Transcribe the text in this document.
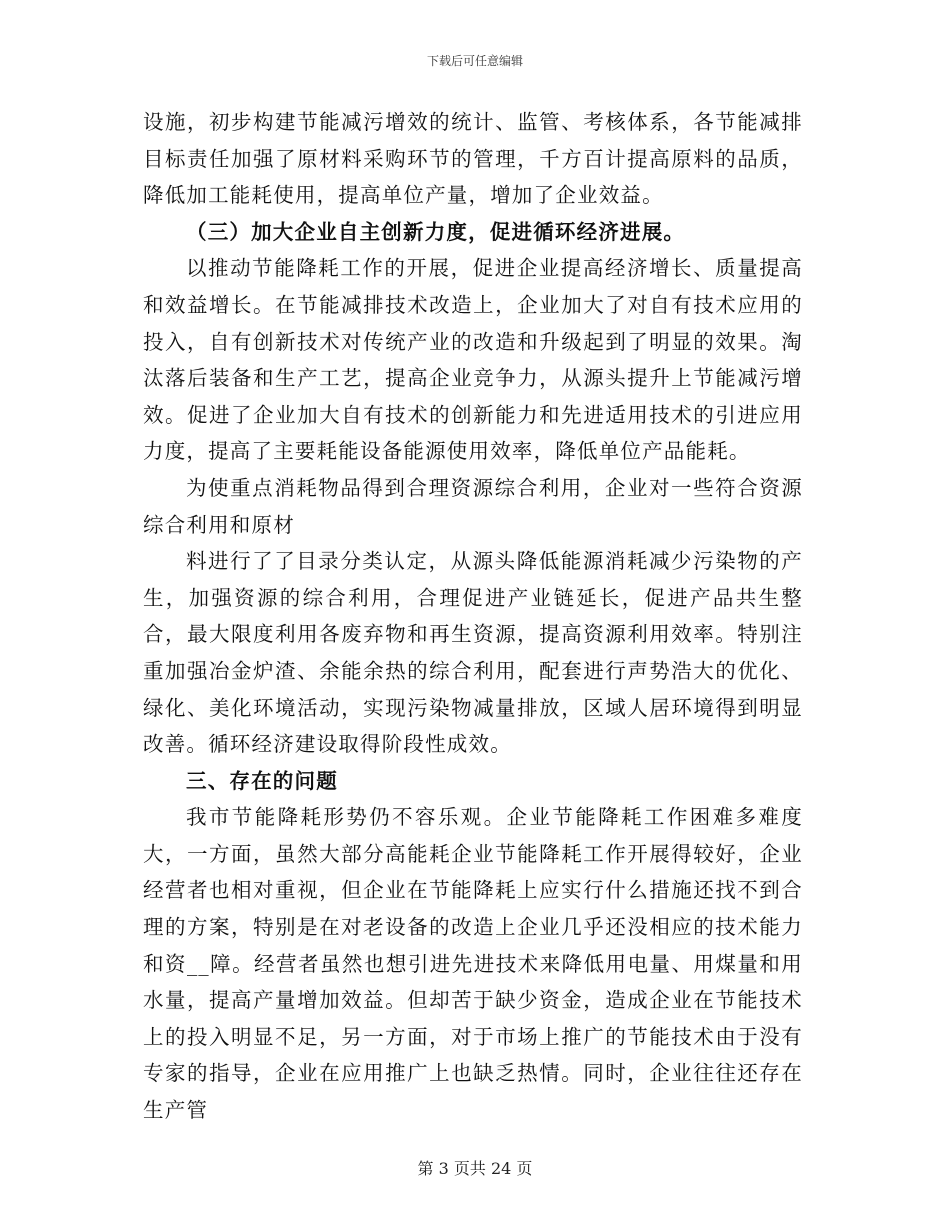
下载后可任意编辑

设施，初步构建节能减污增效的统计、监管、考核体系，各节能减排目标责任加强了原材料采购环节的管理，千方百计提高原料的品质，降低加工能耗使用，提高单位产量，增加了企业效益。

（三）加大企业自主创新力度，促进循环经济进展。

以推动节能降耗工作的开展，促进企业提高经济增长、质量提高和效益增长。在节能减排技术改造上，企业加大了对自有技术应用的投入，自有创新技术对传统产业的改造和升级起到了明显的效果。淘汰落后装备和生产工艺，提高企业竞争力，从源头提升上节能减污增效。促进了企业加大自有技术的创新能力和先进适用技术的引进应用力度，提高了主要耗能设备能源使用效率，降低单位产品能耗。

为使重点消耗物品得到合理资源综合利用，企业对一些符合资源综合利用和原材

料进行了了目录分类认定，从源头降低能源消耗减少污染物的产生，加强资源的综合利用，合理促进产业链延长，促进产品共生整合，最大限度利用各废弃物和再生资源，提高资源利用效率。特别注重加强冶金炉渣、余能余热的综合利用，配套进行声势浩大的优化、绿化、美化环境活动，实现污染物减量排放，区域人居环境得到明显改善。循环经济建设取得阶段性成效。

三、存在的问题

我市节能降耗形势仍不容乐观。企业节能降耗工作困难多难度大，一方面，虽然大部分高能耗企业节能降耗工作开展得较好，企业经营者也相对重视，但企业在节能降耗上应实行什么措施还找不到合理的方案，特别是在对老设备的改造上企业几乎还没相应的技术能力和资__障。经营者虽然也想引进先进技术来降低用电量、用煤量和用水量，提高产量增加效益。但却苦于缺少资金，造成企业在节能技术上的投入明显不足，另一方面，对于市场上推广的节能技术由于没有专家的指导，企业在应用推广上也缺乏热情。同时，企业往往还存在生产管

第 3 页共 24 页
